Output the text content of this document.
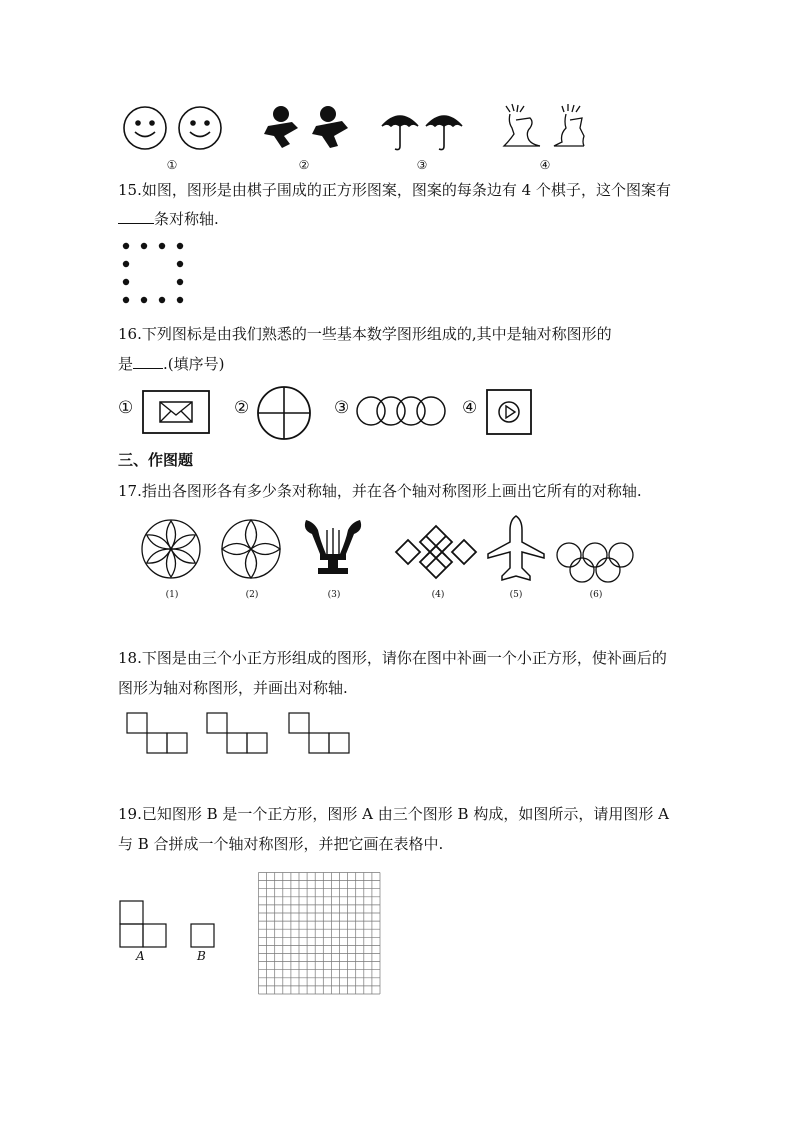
①	②	③	④
15.如图，图形是由棋子围成的正方形图案，图案的每条边有 4 个棋子，这个图案有
条对称轴.
16.下列图标是由我们熟悉的一些基本数学图形组成的,其中是轴对称图形的
是 .(填序号)
①	②	③	④
三、作图题
17.指出各图形各有多少条对称轴，并在各个轴对称图形上画出它所有的对称轴.
(1)	(2)	(3)	(4)	(5)	(6)
18.下图是由三个小正方形组成的图形，请你在图中补画一个小正方形，使补画后的
图形为轴对称图形，并画出对称轴.
19.已知图形 B 是一个正方形，图形 A 由三个图形 B 构成，如图所示，请用图形 A
与 B 合拼成一个轴对称图形，并把它画在表格中.
A	B
